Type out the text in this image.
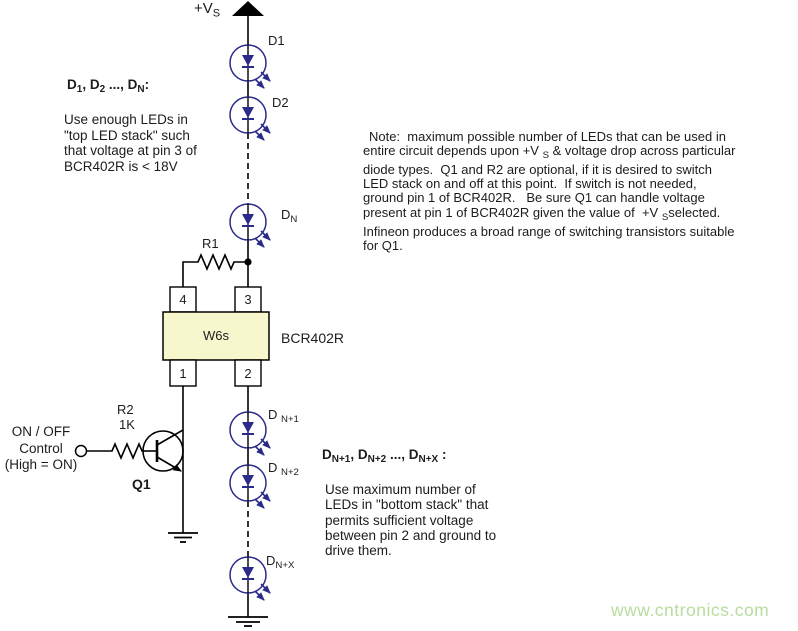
$+V_S$
D1
D2
$D_N$
D $_{N+1}$
D $_{N+2}$
$D_{N+X}$
R1
4	3
1	2
W6s	BCR402R
R2
1K
Q1
ON / OFF
Control
(High = ON)
$D_1$, $D_2$ ..., $D_N$:
Use enough LEDs in
"top LED stack" such
that voltage at pin 3 of
BCR402R is < 18V
$D_{N+1}$, $D_{N+2}$ ..., $D_{N+X}$ :
Use maximum number of
LEDs in "bottom stack" that
permits sufficient voltage
between pin 2 and ground to
drive them.
Note:  maximum possible number of LEDs that can be used in
entire circuit depends upon +V $_S$ & voltage drop across particular
diode types.  Q1 and R2 are optional, if it is desired to switch
LED stack on and off at this point.  If switch is not needed,
ground pin 1 of BCR402R.   Be sure Q1 can handle voltage
present at pin 1 of BCR402R given the value of  +V $_S$selected.
Infineon produces a broad range of switching transistors suitable
for Q1.
www.cntronics.com
